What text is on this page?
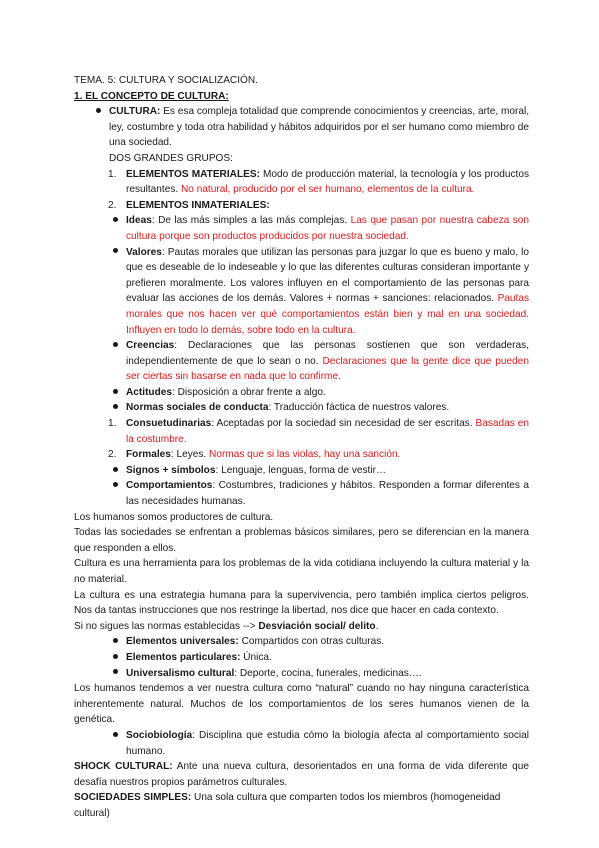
TEMA. 5: CULTURA Y SOCIALIZACIÓN.

1. EL CONCEPTO DE CULTURA:

CULTURA: Es esa compleja totalidad que comprende conocimientos y creencias, arte, moral, ley, costumbre y toda otra habilidad y hábitos adquiridos por el ser humano como miembro de una sociedad.

DOS GRANDES GRUPOS:

1. ELEMENTOS MATERIALES: Modo de producción material, la tecnología y los productos resultantes. No natural, producido por el ser humano, elementos de la cultura.
2. ELEMENTOS INMATERIALES:
Ideas: De las más simples a las más complejas. Las que pasan por nuestra cabeza son cultura porque son productos producidos por nuestra sociedad.
Valores: Pautas morales que utilizan las personas para juzgar lo que es bueno y malo, lo que es deseable de lo indeseable y lo que las diferentes culturas consideran importante y prefieren moralmente. Los valores influyen en el comportamiento de las personas para evaluar las acciones de los demás. Valores + normas + sanciones: relacionados. Pautas morales que nos hacen ver qué comportamientos están bien y mal en una sociedad. Influyen en todo lo demás, sobre todo en la cultura.
Creencias: Declaraciones que las personas sostienen que son verdaderas, independientemente de que lo sean o no. Declaraciones que la gente dice que pueden ser ciertas sin basarse en nada que lo confirme.
Actitudes: Disposición a obrar frente a algo.
Normas sociales de conducta: Traducción fáctica de nuestros valores.
1. Consuetudinarias: Aceptadas por la sociedad sin necesidad de ser escritas. Basadas en la costumbre.
2. Formales: Leyes. Normas que si las violas, hay una sanción.
Signos + símbolos: Lenguaje, lenguas, forma de vestir…
Comportamientos: Costumbres, tradiciones y hábitos. Responden a formar diferentes a las necesidades humanas.

Los humanos somos productores de cultura.

Todas las sociedades se enfrentan a problemas básicos similares, pero se diferencian en la manera que responden a ellos.

Cultura es una herramienta para los problemas de la vida cotidiana incluyendo la cultura material y la no material.

La cultura es una estrategia humana para la supervivencia, pero también implica ciertos peligros. Nos da tantas instrucciones que nos restringe la libertad, nos dice que hacer en cada contexto.

Si no sigues las normas establecidas --> Desviación social/ delito.

Elementos universales: Compartidos con otras culturas.
Elementos particulares: Única.
Universalismo cultural: Deporte, cocina, funerales, medicinas….

Los humanos tendemos a ver nuestra cultura como “natural” cuando no hay ninguna característica inherentemente natural. Muchos de los comportamientos de los seres humanos vienen de la genética.

Sociobiología: Disciplina que estudia cómo la biología afecta al comportamiento social humano.

SHOCK CULTURAL: Ante una nueva cultura, desorientados en una forma de vida diferente que desafía nuestros propios parámetros culturales.

SOCIEDADES SIMPLES: Una sola cultura que comparten todos los miembros (homogeneidad cultural)
